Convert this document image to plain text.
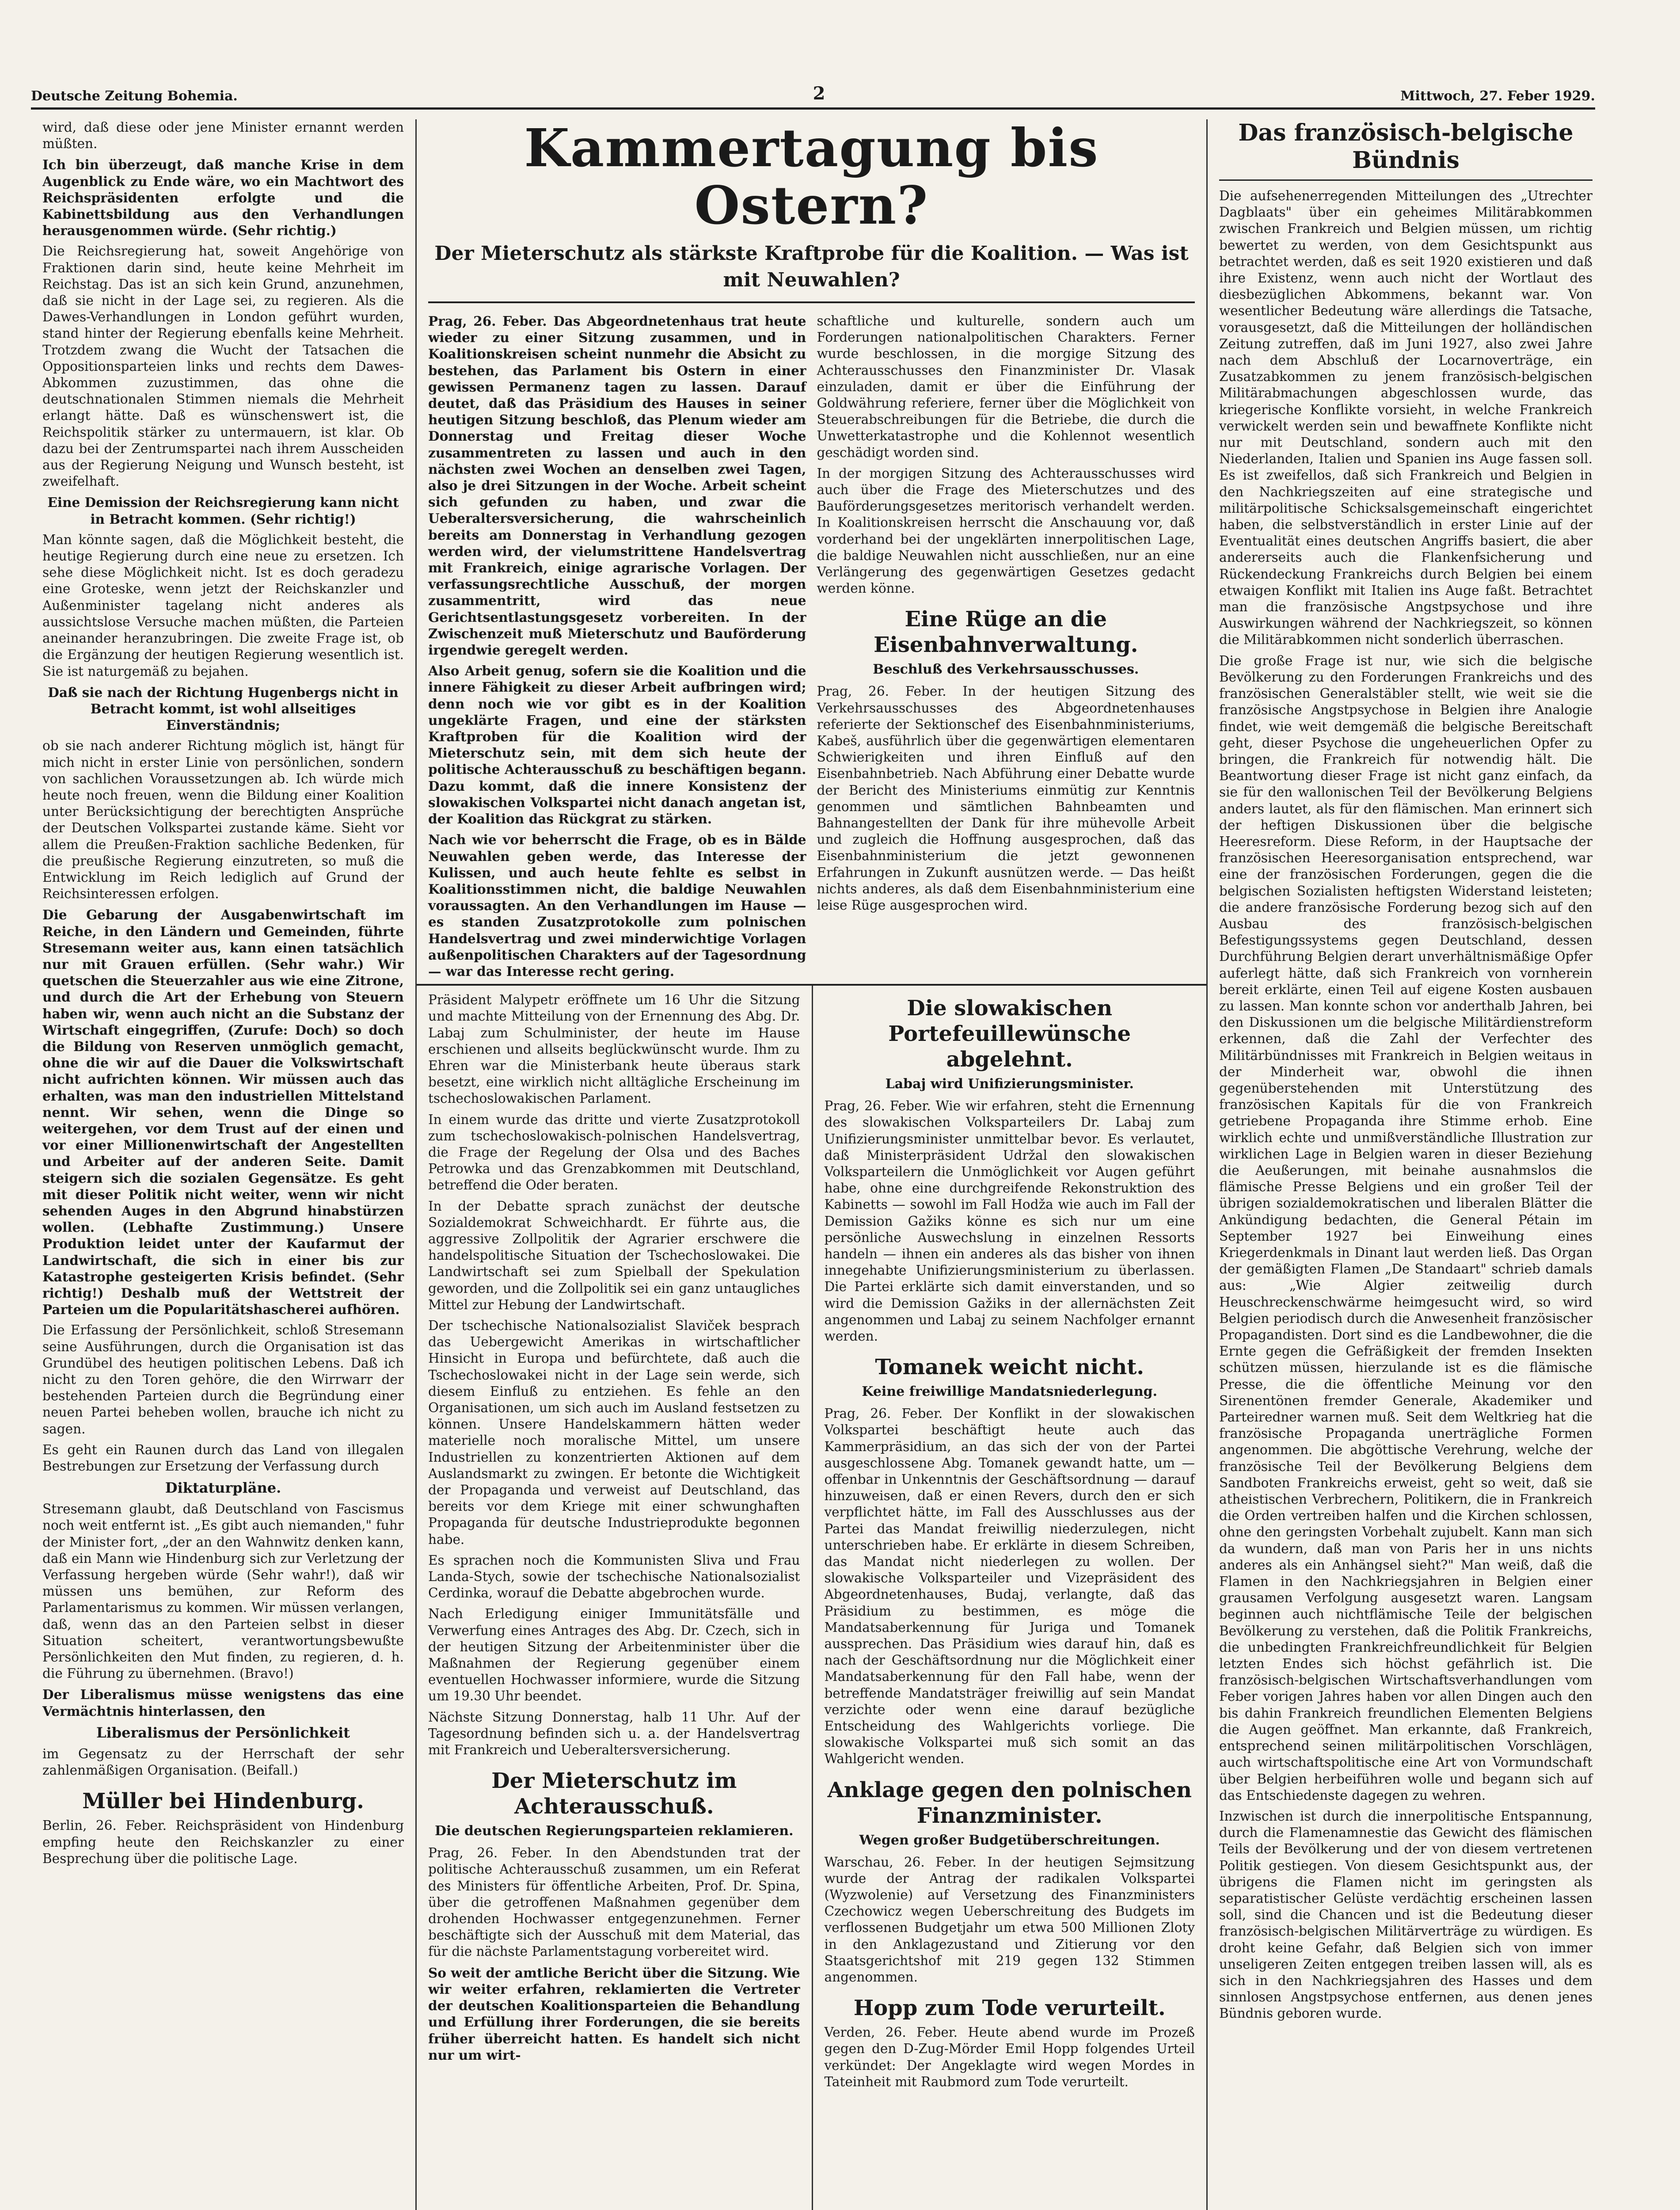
Deutsche Zeitung Bohemia.	2	Mittwoch, 27. Feber 1929.

wird, daß diese oder jene Minister ernannt werden müßten.

Ich bin überzeugt, daß manche Krise in dem Augenblick zu Ende wäre, wo ein Machtwort des Reichspräsidenten erfolgte und die Kabinettsbildung aus den Verhandlungen herausgenommen würde. (Sehr richtig.)

Die Reichsregierung hat, soweit Angehörige von Fraktionen darin sind, heute keine Mehrheit im Reichstag. Das ist an sich kein Grund, anzunehmen, daß sie nicht in der Lage sei, zu regieren. Als die Dawes-Verhandlungen in London geführt wurden, stand hinter der Regierung ebenfalls keine Mehrheit. Trotzdem zwang die Wucht der Tatsachen die Oppositionsparteien links und rechts dem Dawes-Abkommen zuzustimmen, das ohne die deutschnationalen Stimmen niemals die Mehrheit erlangt hätte. Daß es wünschenswert ist, die Reichspolitik stärker zu untermauern, ist klar. Ob dazu bei der Zentrumspartei nach ihrem Ausscheiden aus der Regierung Neigung und Wunsch besteht, ist zweifelhaft.

Eine Demission der Reichsregierung kann nicht in Betracht kommen. (Sehr richtig!)

Man könnte sagen, daß die Möglichkeit besteht, die heutige Regierung durch eine neue zu ersetzen. Ich sehe diese Möglichkeit nicht. Ist es doch geradezu eine Groteske, wenn jetzt der Reichskanzler und Außenminister tagelang nicht anderes als aussichtslose Versuche machen müßten, die Parteien aneinander heranzubringen. Die zweite Frage ist, ob die Ergänzung der heutigen Regierung wesentlich ist. Sie ist naturgemäß zu bejahen.

Daß sie nach der Richtung Hugenbergs nicht in Betracht kommt, ist wohl allseitiges Einverständnis;

ob sie nach anderer Richtung möglich ist, hängt für mich nicht in erster Linie von persönlichen, sondern von sachlichen Voraussetzungen ab. Ich würde mich heute noch freuen, wenn die Bildung einer Koalition unter Berücksichtigung der berechtigten Ansprüche der Deutschen Volkspartei zustande käme. Sieht vor allem die Preußen-Fraktion sachliche Bedenken, für die preußische Regierung einzutreten, so muß die Entwicklung im Reich lediglich auf Grund der Reichsinteressen erfolgen.

Die Gebarung der Ausgabenwirtschaft im Reiche, in den Ländern und Gemeinden, führte Stresemann weiter aus, kann einen tatsächlich nur mit Grauen erfüllen. (Sehr wahr.) Wir quetschen die Steuerzahler aus wie eine Zitrone, und durch die Art der Erhebung von Steuern haben wir, wenn auch nicht an die Substanz der Wirtschaft eingegriffen, (Zurufe: Doch) so doch die Bildung von Reserven unmöglich gemacht, ohne die wir auf die Dauer die Volkswirtschaft nicht aufrichten können. Wir müssen auch das erhalten, was man den industriellen Mittelstand nennt. Wir sehen, wenn die Dinge so weitergehen, vor dem Trust auf der einen und vor einer Millionenwirtschaft der Angestellten und Arbeiter auf der anderen Seite. Damit steigern sich die sozialen Gegensätze. Es geht mit dieser Politik nicht weiter, wenn wir nicht sehenden Auges in den Abgrund hinabstürzen wollen. (Lebhafte Zustimmung.) Unsere Produktion leidet unter der Kaufarmut der Landwirtschaft, die sich in einer bis zur Katastrophe gesteigerten Krisis befindet. (Sehr richtig!) Deshalb muß der Wettstreit der Parteien um die Popularitätshascherei aufhören.

Die Erfassung der Persönlichkeit, schloß Stresemann seine Ausführungen, durch die Organisation ist das Grundübel des heutigen politischen Lebens. Daß ich nicht zu den Toren gehöre, die den Wirrwarr der bestehenden Parteien durch die Begründung einer neuen Partei beheben wollen, brauche ich nicht zu sagen.

Es geht ein Raunen durch das Land von illegalen Bestrebungen zur Ersetzung der Verfassung durch

Diktaturpläne.

Stresemann glaubt, daß Deutschland von Fascismus noch weit entfernt ist. „Es gibt auch niemanden," fuhr der Minister fort, „der an den Wahnwitz denken kann, daß ein Mann wie Hindenburg sich zur Verletzung der Verfassung hergeben würde (Sehr wahr!), daß wir müssen uns bemühen, zur Reform des Parlamentarismus zu kommen. Wir müssen verlangen, daß, wenn das an den Parteien selbst in dieser Situation scheitert, verantwortungsbewußte Persönlichkeiten den Mut finden, zu regieren, d. h. die Führung zu übernehmen. (Bravo!)

Der Liberalismus müsse wenigstens das eine Vermächtnis hinterlassen, den

Liberalismus der Persönlichkeit

im Gegensatz zu der Herrschaft der sehr zahlenmäßigen Organisation. (Beifall.)

Müller bei Hindenburg.

Berlin, 26. Feber. Reichspräsident von Hindenburg empfing heute den Reichskanzler zu einer Besprechung über die politische Lage.

Kammertagung bis Ostern?
Der Mieterschutz als stärkste Kraftprobe für die Koalition. — Was ist mit Neuwahlen?

Prag, 26. Feber. Das Abgeordnetenhaus trat heute wieder zu einer Sitzung zusammen, und in Koalitionskreisen scheint nunmehr die Absicht zu bestehen, das Parlament bis Ostern in einer gewissen Permanenz tagen zu lassen. Darauf deutet, daß das Präsidium des Hauses in seiner heutigen Sitzung beschloß, das Plenum wieder am Donnerstag und Freitag dieser Woche zusammentreten zu lassen und auch in den nächsten zwei Wochen an denselben zwei Tagen, also je drei Sitzungen in der Woche. Arbeit scheint sich gefunden zu haben, und zwar die Ueberaltersversicherung, die wahrscheinlich bereits am Donnerstag in Verhandlung gezogen werden wird, der vielumstrittene Handelsvertrag mit Frankreich, einige agrarische Vorlagen. Der verfassungsrechtliche Ausschuß, der morgen zusammentritt, wird das neue Gerichtsentlastungsgesetz vorbereiten. In der Zwischenzeit muß Mieterschutz und Bauförderung irgendwie geregelt werden.

Also Arbeit genug, sofern sie die Koalition und die innere Fähigkeit zu dieser Arbeit aufbringen wird; denn noch wie vor gibt es in der Koalition ungeklärte Fragen, und eine der stärksten Kraftproben für die Koalition wird der Mieterschutz sein, mit dem sich heute der politische Achterausschuß zu beschäftigen begann. Dazu kommt, daß die innere Konsistenz der slowakischen Volkspartei nicht danach angetan ist, der Koalition das Rückgrat zu stärken.

Nach wie vor beherrscht die Frage, ob es in Bälde Neuwahlen geben werde, das Interesse der Kulissen, und auch heute fehlte es selbst in Koalitionsstimmen nicht, die baldige Neuwahlen voraussagten. An den Verhandlungen im Hause — es standen Zusatzprotokolle zum polnischen Handelsvertrag und zwei minderwichtige Vorlagen außenpolitischen Charakters auf der Tagesordnung — war das Interesse recht gering.

schaftliche und kulturelle, sondern auch um Forderungen nationalpolitischen Charakters. Ferner wurde beschlossen, in die morgige Sitzung des Achterausschusses den Finanzminister Dr. Vlasak einzuladen, damit er über die Einführung der Goldwährung referiere, ferner über die Möglichkeit von Steuerabschreibungen für die Betriebe, die durch die Unwetterkatastrophe und die Kohlennot wesentlich geschädigt worden sind.

In der morgigen Sitzung des Achterausschusses wird auch über die Frage des Mieterschutzes und des Bauförderungsgesetzes meritorisch verhandelt werden. In Koalitionskreisen herrscht die Anschauung vor, daß vorderhand bei der ungeklärten innerpolitischen Lage, die baldige Neuwahlen nicht ausschließen, nur an eine Verlängerung des gegenwärtigen Gesetzes gedacht werden könne.

Eine Rüge an die Eisenbahnverwaltung.
Beschluß des Verkehrsausschusses.

Prag, 26. Feber. In der heutigen Sitzung des Verkehrsausschusses des Abgeordnetenhauses referierte der Sektionschef des Eisenbahnministeriums, Kabeš, ausführlich über die gegenwärtigen elementaren Schwierigkeiten und ihren Einfluß auf den Eisenbahnbetrieb. Nach Abführung einer Debatte wurde der Bericht des Ministeriums einmütig zur Kenntnis genommen und sämtlichen Bahnbeamten und Bahnangestellten der Dank für ihre mühevolle Arbeit und zugleich die Hoffnung ausgesprochen, daß das Eisenbahnministerium die jetzt gewonnenen Erfahrungen in Zukunft ausnützen werde. — Das heißt nichts anderes, als daß dem Eisenbahnministerium eine leise Rüge ausgesprochen wird.

Präsident Malypetr eröffnete um 16 Uhr die Sitzung und machte Mitteilung von der Ernennung des Abg. Dr. Labaj zum Schulminister, der heute im Hause erschienen und allseits beglückwünscht wurde. Ihm zu Ehren war die Ministerbank heute überaus stark besetzt, eine wirklich nicht alltägliche Erscheinung im tschechoslowakischen Parlament.

In einem wurde das dritte und vierte Zusatzprotokoll zum tschechoslowakisch-polnischen Handelsvertrag, die Frage der Regelung der Olsa und des Baches Petrowka und das Grenzabkommen mit Deutschland, betreffend die Oder beraten.

In der Debatte sprach zunächst der deutsche Sozialdemokrat Schweichhardt. Er führte aus, die aggressive Zollpolitik der Agrarier erschwere die handelspolitische Situation der Tschechoslowakei. Die Landwirtschaft sei zum Spielball der Spekulation geworden, und die Zollpolitik sei ein ganz untaugliches Mittel zur Hebung der Landwirtschaft.

Der tschechische Nationalsozialist Slaviček besprach das Uebergewicht Amerikas in wirtschaftlicher Hinsicht in Europa und befürchtete, daß auch die Tschechoslowakei nicht in der Lage sein werde, sich diesem Einfluß zu entziehen. Es fehle an den Organisationen, um sich auch im Ausland festsetzen zu können. Unsere Handelskammern hätten weder materielle noch moralische Mittel, um unsere Industriellen zu konzentrierten Aktionen auf dem Auslandsmarkt zu zwingen. Er betonte die Wichtigkeit der Propaganda und verweist auf Deutschland, das bereits vor dem Kriege mit einer schwunghaften Propaganda für deutsche Industrieprodukte begonnen habe.

Es sprachen noch die Kommunisten Sliva und Frau Landa-Stych, sowie der tschechische Nationalsozialist Cerdinka, worauf die Debatte abgebrochen wurde.

Nach Erledigung einiger Immunitätsfälle und Verwerfung eines Antrages des Abg. Dr. Czech, sich in der heutigen Sitzung der Arbeitenminister über die Maßnahmen der Regierung gegenüber einem eventuellen Hochwasser informiere, wurde die Sitzung um 19.30 Uhr beendet.

Nächste Sitzung Donnerstag, halb 11 Uhr. Auf der Tagesordnung befinden sich u. a. der Handelsvertrag mit Frankreich und Ueberaltersversicherung.

Der Mieterschutz im Achterausschuß.
Die deutschen Regierungsparteien reklamieren.

Prag, 26. Feber. In den Abendstunden trat der politische Achterausschuß zusammen, um ein Referat des Ministers für öffentliche Arbeiten, Prof. Dr. Spina, über die getroffenen Maßnahmen gegenüber dem drohenden Hochwasser entgegenzunehmen. Ferner beschäftigte sich der Ausschuß mit dem Material, das für die nächste Parlamentstagung vorbereitet wird.

So weit der amtliche Bericht über die Sitzung. Wie wir weiter erfahren, reklamierten die Vertreter der deutschen Koalitionsparteien die Behandlung und Erfüllung ihrer Forderungen, die sie bereits früher überreicht hatten. Es handelt sich nicht nur um wirt-

Die slowakischen Portefeuillewünsche abgelehnt.
Labaj wird Unifizierungsminister.

Prag, 26. Feber. Wie wir erfahren, steht die Ernennung des slowakischen Volksparteilers Dr. Labaj zum Unifizierungsminister unmittelbar bevor. Es verlautet, daß Ministerpräsident Udržal den slowakischen Volksparteilern die Unmöglichkeit vor Augen geführt habe, ohne eine durchgreifende Rekonstruktion des Kabinetts — sowohl im Fall Hodža wie auch im Fall der Demission Gažiks könne es sich nur um eine persönliche Auswechslung in einzelnen Ressorts handeln — ihnen ein anderes als das bisher von ihnen innegehabte Unifizierungsministerium zu überlassen. Die Partei erklärte sich damit einverstanden, und so wird die Demission Gažiks in der allernächsten Zeit angenommen und Labaj zu seinem Nachfolger ernannt werden.

Tomanek weicht nicht.
Keine freiwillige Mandatsniederlegung.

Prag, 26. Feber. Der Konflikt in der slowakischen Volkspartei beschäftigt heute auch das Kammerpräsidium, an das sich der von der Partei ausgeschlossene Abg. Tomanek gewandt hatte, um — offenbar in Unkenntnis der Geschäftsordnung — darauf hinzuweisen, daß er einen Revers, durch den er sich verpflichtet hätte, im Fall des Ausschlusses aus der Partei das Mandat freiwillig niederzulegen, nicht unterschrieben habe. Er erklärte in diesem Schreiben, das Mandat nicht niederlegen zu wollen. Der slowakische Volksparteiler und Vizepräsident des Abgeordnetenhauses, Budaj, verlangte, daß das Präsidium zu bestimmen, es möge die Mandatsaberkennung für Juriga und Tomanek aussprechen. Das Präsidium wies darauf hin, daß es nach der Geschäftsordnung nur die Möglichkeit einer Mandatsaberkennung für den Fall habe, wenn der betreffende Mandatsträger freiwillig auf sein Mandat verzichte oder wenn eine darauf bezügliche Entscheidung des Wahlgerichts vorliege. Die slowakische Volkspartei muß sich somit an das Wahlgericht wenden.

Anklage gegen den polnischen Finanzminister.
Wegen großer Budgetüberschreitungen.

Warschau, 26. Feber. In der heutigen Sejmsitzung wurde der Antrag der radikalen Volkspartei (Wyzwolenie) auf Versetzung des Finanzministers Czechowicz wegen Ueberschreitung des Budgets im verflossenen Budgetjahr um etwa 500 Millionen Zloty in den Anklagezustand und Zitierung vor den Staatsgerichtshof mit 219 gegen 132 Stimmen angenommen.

Hopp zum Tode verurteilt.

Verden, 26. Feber. Heute abend wurde im Prozeß gegen den D-Zug-Mörder Emil Hopp folgendes Urteil verkündet: Der Angeklagte wird wegen Mordes in Tateinheit mit Raubmord zum Tode verurteilt.

Das französisch-belgische Bündnis

Die aufsehenerregenden Mitteilungen des „Utrechter Dagblaats" über ein geheimes Militärabkommen zwischen Frankreich und Belgien müssen, um richtig bewertet zu werden, von dem Gesichtspunkt aus betrachtet werden, daß es seit 1920 existieren und daß ihre Existenz, wenn auch nicht der Wortlaut des diesbezüglichen Abkommens, bekannt war. Von wesentlicher Bedeutung wäre allerdings die Tatsache, vorausgesetzt, daß die Mitteilungen der holländischen Zeitung zutreffen, daß im Juni 1927, also zwei Jahre nach dem Abschluß der Locarnoverträge, ein Zusatzabkommen zu jenem französisch-belgischen Militärabmachungen abgeschlossen wurde, das kriegerische Konflikte vorsieht, in welche Frankreich verwickelt werden sein und bewaffnete Konflikte nicht nur mit Deutschland, sondern auch mit den Niederlanden, Italien und Spanien ins Auge fassen soll. Es ist zweifellos, daß sich Frankreich und Belgien in den Nachkriegszeiten auf eine strategische und militärpolitische Schicksalsgemeinschaft eingerichtet haben, die selbstverständlich in erster Linie auf der Eventualität eines deutschen Angriffs basiert, die aber andererseits auch die Flankenfsicherung und Rückendeckung Frankreichs durch Belgien bei einem etwaigen Konflikt mit Italien ins Auge faßt. Betrachtet man die französische Angstpsychose und ihre Auswirkungen während der Nachkriegszeit, so können die Militärabkommen nicht sonderlich überraschen.

Die große Frage ist nur, wie sich die belgische Bevölkerung zu den Forderungen Frankreichs und des französischen Generalstäbler stellt, wie weit sie die französische Angstpsychose in Belgien ihre Analogie findet, wie weit demgemäß die belgische Bereitschaft geht, dieser Psychose die ungeheuerlichen Opfer zu bringen, die Frankreich für notwendig hält. Die Beantwortung dieser Frage ist nicht ganz einfach, da sie für den wallonischen Teil der Bevölkerung Belgiens anders lautet, als für den flämischen. Man erinnert sich der heftigen Diskussionen über die belgische Heeresreform. Diese Reform, in der Hauptsache der französischen Heeresorganisation entsprechend, war eine der französischen Forderungen, gegen die die belgischen Sozialisten heftigsten Widerstand leisteten; die andere französische Forderung bezog sich auf den Ausbau des französisch-belgischen Befestigungssystems gegen Deutschland, dessen Durchführung Belgien derart unverhältnismäßige Opfer auferlegt hätte, daß sich Frankreich von vornherein bereit erklärte, einen Teil auf eigene Kosten ausbauen zu lassen. Man konnte schon vor anderthalb Jahren, bei den Diskussionen um die belgische Militärdienstreform erkennen, daß die Zahl der Verfechter des Militärbündnisses mit Frankreich in Belgien weitaus in der Minderheit war, obwohl die ihnen gegenüberstehenden mit Unterstützung des französischen Kapitals für die von Frankreich getriebene Propaganda ihre Stimme erhob. Eine wirklich echte und unmißverständliche Illustration zur wirklichen Lage in Belgien waren in dieser Beziehung die Aeußerungen, mit beinahe ausnahmslos die flämische Presse Belgiens und ein großer Teil der übrigen sozialdemokratischen und liberalen Blätter die Ankündigung bedachten, die General Pétain im September 1927 bei Einweihung eines Kriegerdenkmals in Dinant laut werden ließ. Das Organ der gemäßigten Flamen „De Standaart" schrieb damals aus: „Wie Algier zeitweilig durch Heuschreckenschwärme heimgesucht wird, so wird Belgien periodisch durch die Anwesenheit französischer Propagandisten. Dort sind es die Landbewohner, die die Ernte gegen die Gefräßigkeit der fremden Insekten schützen müssen, hierzulande ist es die flämische Presse, die die öffentliche Meinung vor den Sirenentönen fremder Generale, Akademiker und Parteiredner warnen muß. Seit dem Weltkrieg hat die französische Propaganda unerträgliche Formen angenommen. Die abgöttische Verehrung, welche der französische Teil der Bevölkerung Belgiens dem Sandboten Frankreichs erweist, geht so weit, daß sie atheistischen Verbrechern, Politikern, die in Frankreich die Orden vertreiben halfen und die Kirchen schlossen, ohne den geringsten Vorbehalt zujubelt. Kann man sich da wundern, daß man von Paris her in uns nichts anderes als ein Anhängsel sieht?" Man weiß, daß die Flamen in den Nachkriegsjahren in Belgien einer grausamen Verfolgung ausgesetzt waren. Langsam beginnen auch nichtflämische Teile der belgischen Bevölkerung zu verstehen, daß die Politik Frankreichs, die unbedingten Frankreichfreundlichkeit für Belgien letzten Endes sich höchst gefährlich ist. Die französisch-belgischen Wirtschaftsverhandlungen vom Feber vorigen Jahres haben vor allen Dingen auch den bis dahin Frankreich freundlichen Elementen Belgiens die Augen geöffnet. Man erkannte, daß Frankreich, entsprechend seinen militärpolitischen Vorschlägen, auch wirtschaftspolitische eine Art von Vormundschaft über Belgien herbeiführen wolle und begann sich auf das Entschiedenste dagegen zu wehren.

Inzwischen ist durch die innerpolitische Entspannung, durch die Flamenamnestie das Gewicht des flämischen Teils der Bevölkerung und der von diesem vertretenen Politik gestiegen. Von diesem Gesichtspunkt aus, der übrigens die Flamen nicht im geringsten als separatistischer Gelüste verdächtig erscheinen lassen soll, sind die Chancen und ist die Bedeutung dieser französisch-belgischen Militärverträge zu würdigen. Es droht keine Gefahr, daß Belgien sich von immer unseligeren Zeiten entgegen treiben lassen will, als es sich in den Nachkriegsjahren des Hasses und dem sinnlosen Angstpsychose entfernen, aus denen jenes Bündnis geboren wurde.
